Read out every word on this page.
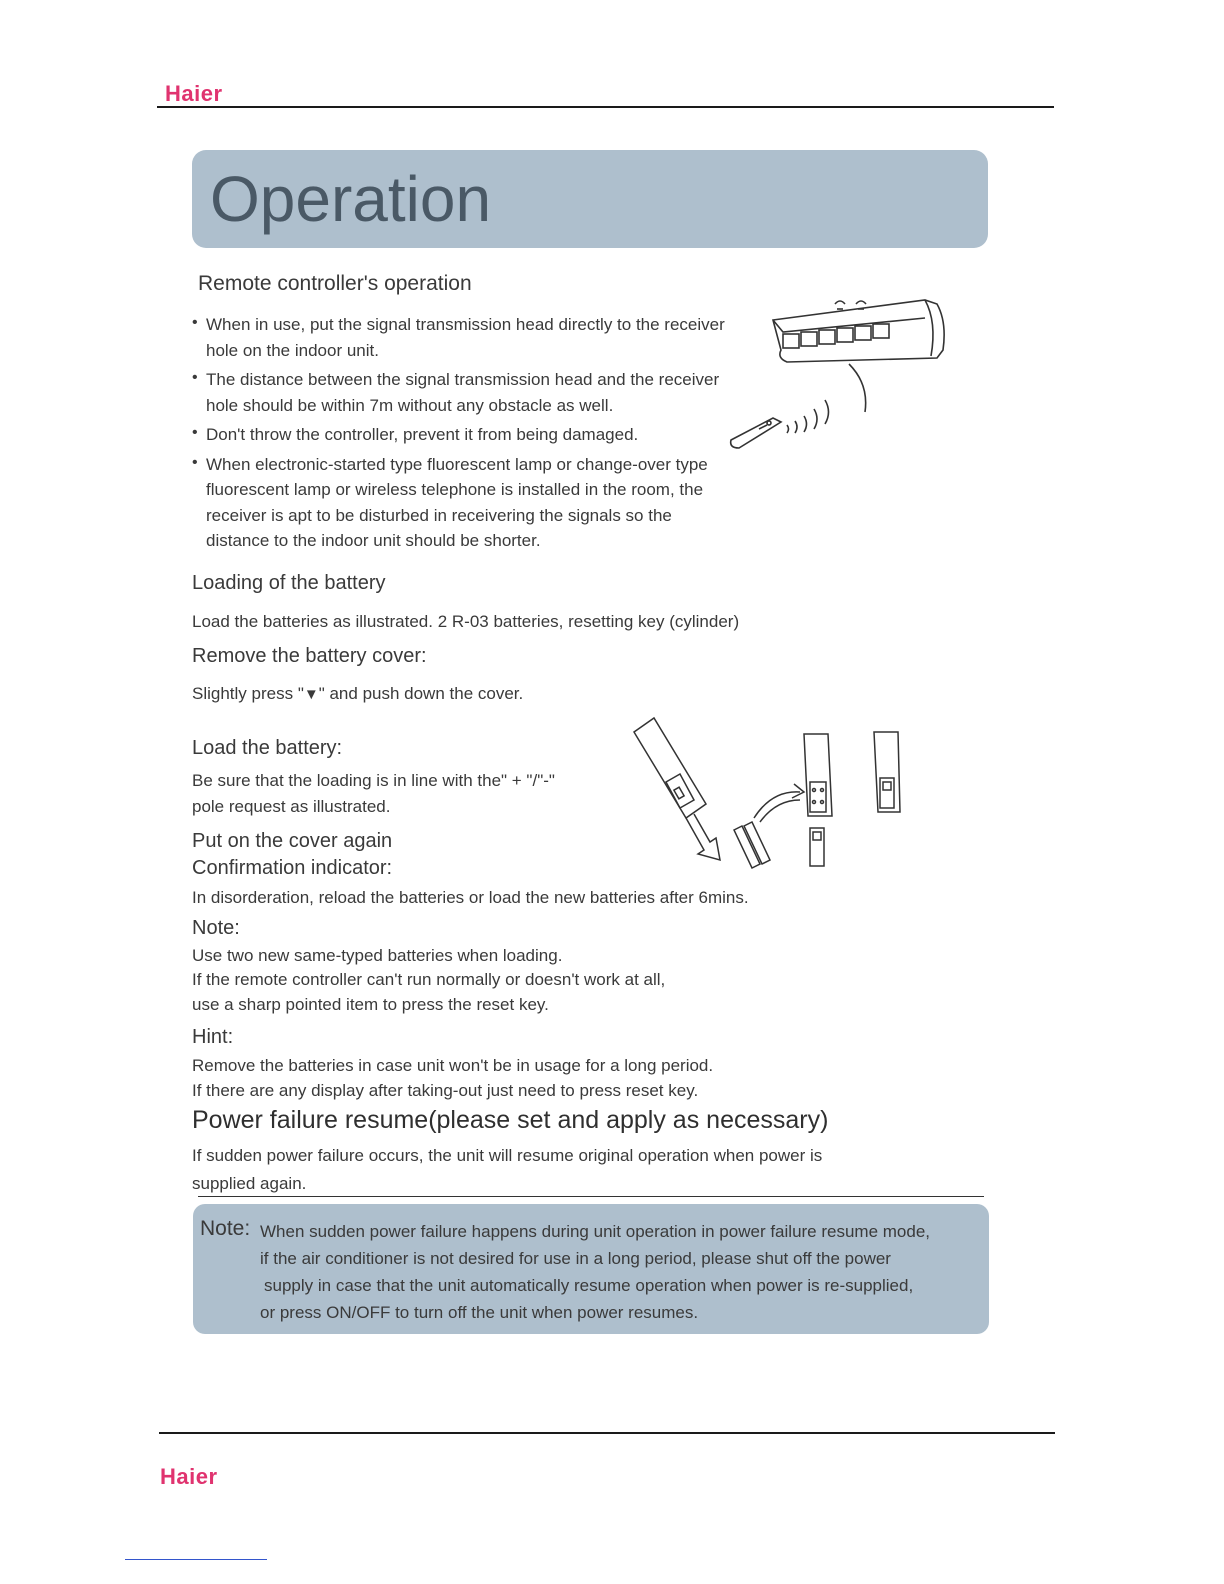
Haier
Operation
Remote controller's operation
• When in use, put the signal transmission head directly to the receiver hole on the indoor unit.
• The distance between the signal transmission head and the receiver hole should be within 7m without any obstacle as well.
• Don't throw the controller, prevent it from being damaged.
• When electronic-started type fluorescent lamp or change-over type fluorescent lamp or wireless telephone is installed in the room, the receiver is apt to be disturbed in receivering the signals so the distance to the indoor unit should be shorter.
Loading of the battery
Load the batteries as illustrated. 2 R-03 batteries, resetting key (cylinder)
Remove the battery cover:
Slightly press "▼" and push down the cover.
Load the battery:
Be sure that the loading is in line with the" + "/"-"
pole request as illustrated.
Put on the cover again
Confirmation indicator:
In disorderation, reload the batteries or load the new batteries after 6mins.
Note:
Use two new same-typed batteries when loading.
If the remote controller can't run normally or doesn't work at all,
use a sharp pointed item to press the reset key.
Hint:
Remove the batteries in case unit won't be in usage for a long period.
If there are any display after taking-out just need to press reset key.
Power failure resume(please set and apply as necessary)
If sudden power failure occurs, the unit will resume original operation when power is
supplied again.
Note: When sudden power failure happens during unit operation in power failure resume mode,
if the air conditioner is not desired for use in a long period, please shut off the power
supply in case that the unit automatically resume operation when power is re-supplied,
or press ON/OFF to turn off the unit when power resumes.
Haier
